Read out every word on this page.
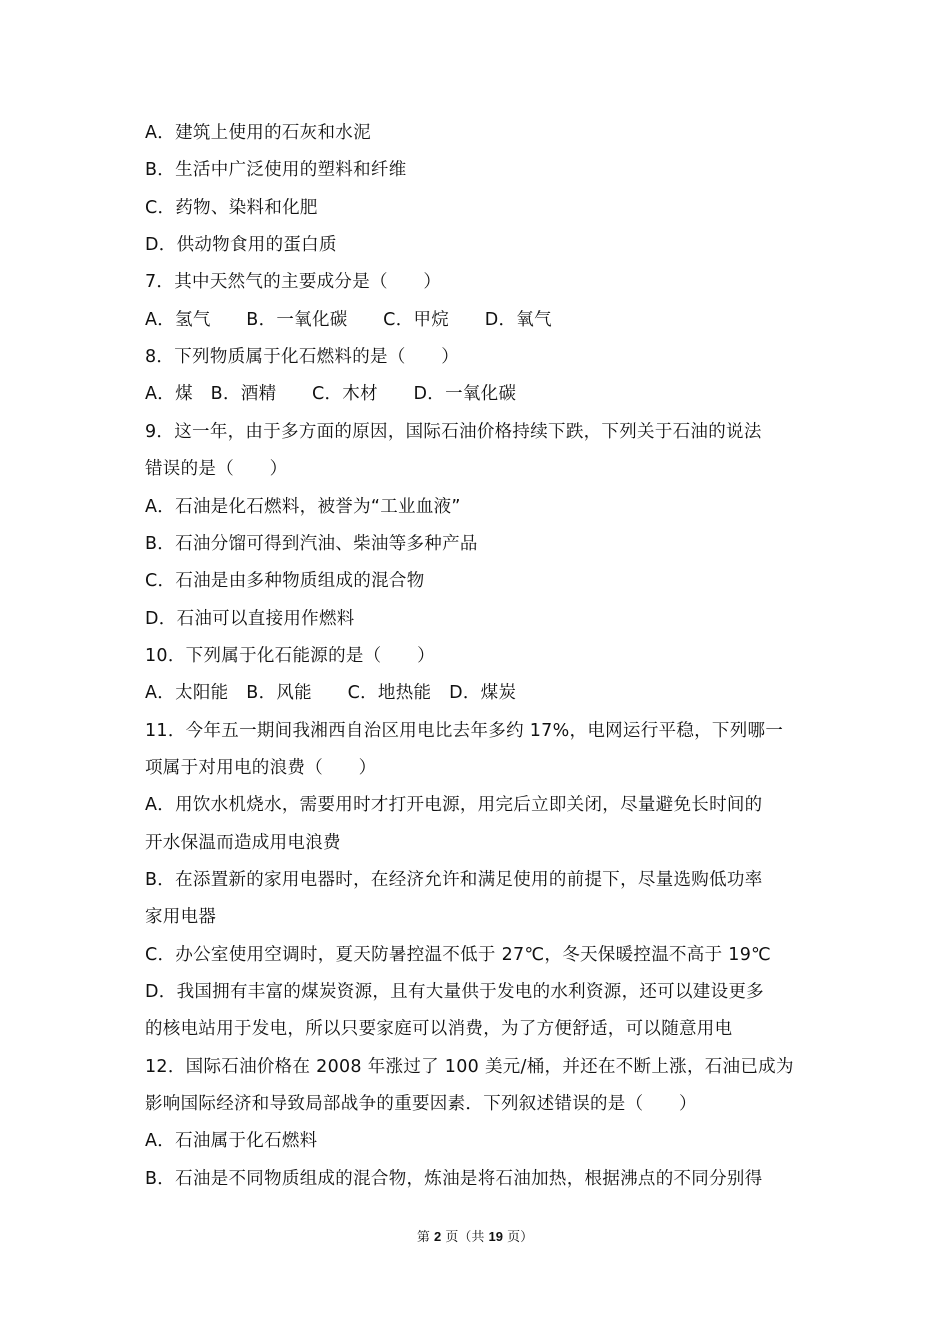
A．建筑上使用的石灰和水泥
B．生活中广泛使用的塑料和纤维
C．药物、染料和化肥
D．供动物食用的蛋白质
7．其中天然气的主要成分是（　　）
A．氢气　　B．一氧化碳　　C．甲烷　　D．氧气
8．下列物质属于化石燃料的是（　　）
A．煤　B．酒精　　C．木材　　D．一氧化碳
9．这一年，由于多方面的原因，国际石油价格持续下跌，下列关于石油的说法
错误的是（　　）
A．石油是化石燃料，被誉为“工业血液”
B．石油分馏可得到汽油、柴油等多种产品
C．石油是由多种物质组成的混合物
D．石油可以直接用作燃料
10．下列属于化石能源的是（　　）
A．太阳能　B．风能　　C．地热能　D．煤炭
11．今年五一期间我湘西自治区用电比去年多约 17%，电网运行平稳，下列哪一
项属于对用电的浪费（　　）
A．用饮水机烧水，需要用时才打开电源，用完后立即关闭，尽量避免长时间的
开水保温而造成用电浪费
B．在添置新的家用电器时，在经济允许和满足使用的前提下，尽量选购低功率
家用电器
C．办公室使用空调时，夏天防暑控温不低于 27℃，冬天保暖控温不高于 19℃
D．我国拥有丰富的煤炭资源，且有大量供于发电的水利资源，还可以建设更多
的核电站用于发电，所以只要家庭可以消费，为了方便舒适，可以随意用电
12．国际石油价格在 2008 年涨过了 100 美元/桶，并还在不断上涨，石油已成为
影响国际经济和导致局部战争的重要因素．下列叙述错误的是（　　）
A．石油属于化石燃料
B．石油是不同物质组成的混合物，炼油是将石油加热，根据沸点的不同分别得
第 2 页（共 19 页）
